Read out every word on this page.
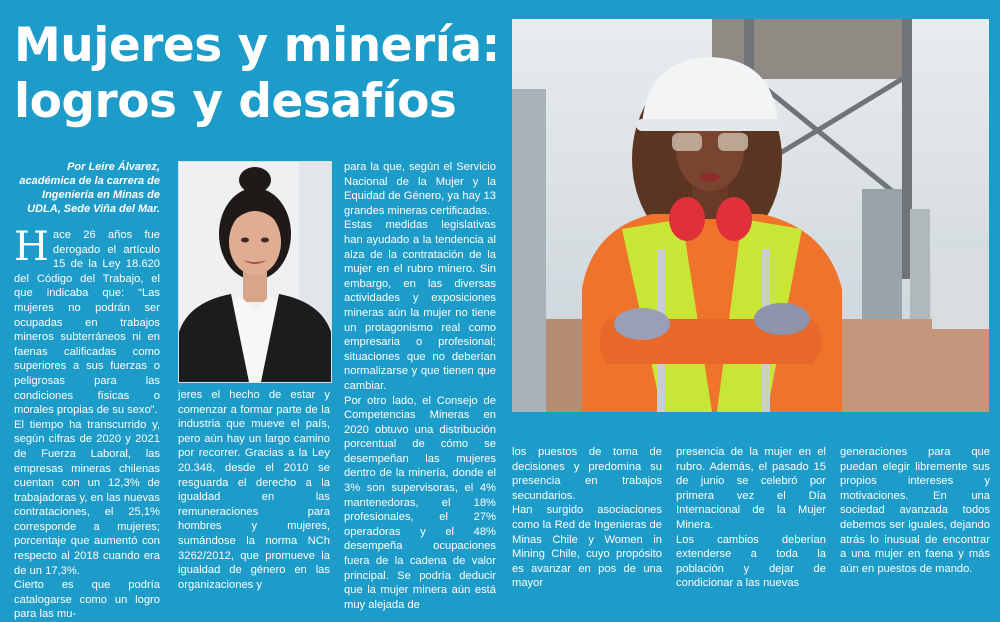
Mujeres y minería:
logros y desafíos

Por Leire Álvarez, académica de la carrera de Ingeniería en Minas de UDLA, Sede Viña del Mar.

H ace 26 años fue derogado el artículo 15 de la Ley 18.620 del Código del Trabajo, el que indicaba que: “Las mujeres no podrán ser ocupadas en trabajos mineros subterráneos ni en faenas calificadas como superiores a sus fuerzas o peligrosas para las condiciones físicas o morales propias de su sexo”.

El tiempo ha transcurrido y, según cifras de 2020 y 2021 de Fuerza Laboral, las empresas mineras chilenas cuentan con un 12,3% de trabajadoras y, en las nuevas contrataciones, el 25,1% corresponde a mujeres; porcentaje que aumentó con respecto al 2018 cuando era de un 17,3%.

Cierto es que podría catalogarse como un logro para las mu-

jeres el hecho de estar y comenzar a formar parte de la industria que mueve el país, pero aún hay un largo camino por recorrer. Gracias a la Ley 20.348, desde el 2010 se resguarda el derecho a la igualdad en las remuneraciones para hombres y mujeres, sumándose la norma NCh 3262/2012, que promueve la igualdad de género en las organizaciones y

para la que, según el Servicio Nacional de la Mujer y la Equidad de Género, ya hay 13 grandes mineras certificadas.

Estas medidas legislativas han ayudado a la tendencia al alza de la contratación de la mujer en el rubro minero. Sin embargo, en las diversas actividades y exposiciones mineras aún la mujer no tiene un protagonismo real como empresaria o profesional; situaciones que no deberían normalizarse y que tienen que cambiar.

Por otro lado, el Consejo de Competencias Mineras en 2020 obtuvo una distribución porcentual de cómo se desempeñan las mujeres dentro de la minería, donde el 3% son supervisoras, el 4% mantenedoras, el 18% profesionales, el 27% operadoras y el 48% desempeña ocupaciones fuera de la cadena de valor principal. Se podría deducir que la mujer minera aún está muy alejada de

los puestos de toma de decisiones y predomina su presencia en trabajos secundarios.

Han surgido asociaciones como la Red de Ingenieras de Minas Chile y Women in Mining Chile, cuyo propósito es avanzar en pos de una mayor

presencia de la mujer en el rubro. Además, el pasado 15 de junio se celebró por primera vez el Día Internacional de la Mujer Minera.

Los cambios deberían extenderse a toda la población y dejar de condicionar a las nuevas

generaciones para que puedan elegir libremente sus propios intereses y motivaciones. En una sociedad avanzada todos debemos ser iguales, dejando atrás lo inusual de encontrar a una mujer en faena y más aún en puestos de mando.
